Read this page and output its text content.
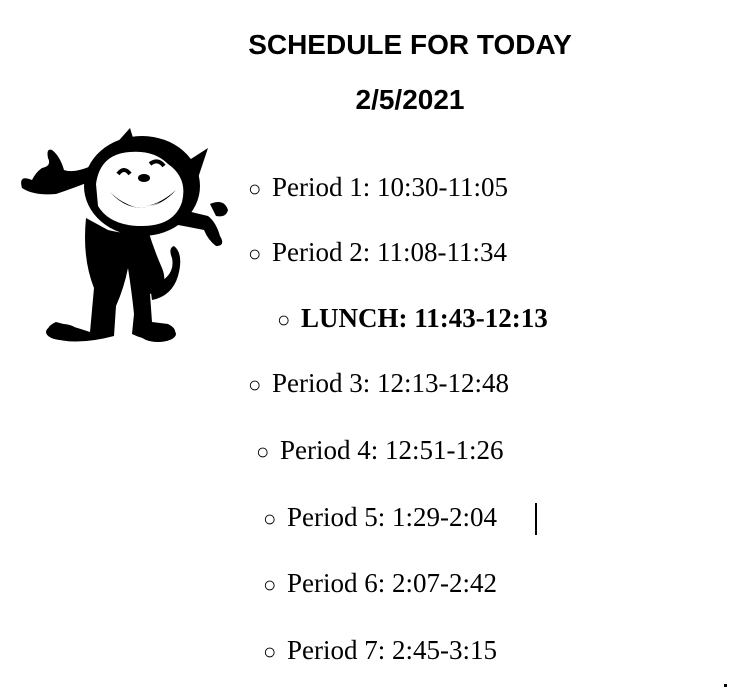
SCHEDULE FOR TODAY
2/5/2021
○ Period 1: 10:30-11:05
○ Period 2: 11:08-11:34
○ LUNCH: 11:43-12:13
○ Period 3: 12:13-12:48
○ Period 4: 12:51-1:26
○ Period 5: 1:29-2:04
○ Period 6: 2:07-2:42
○ Period 7: 2:45-3:15
